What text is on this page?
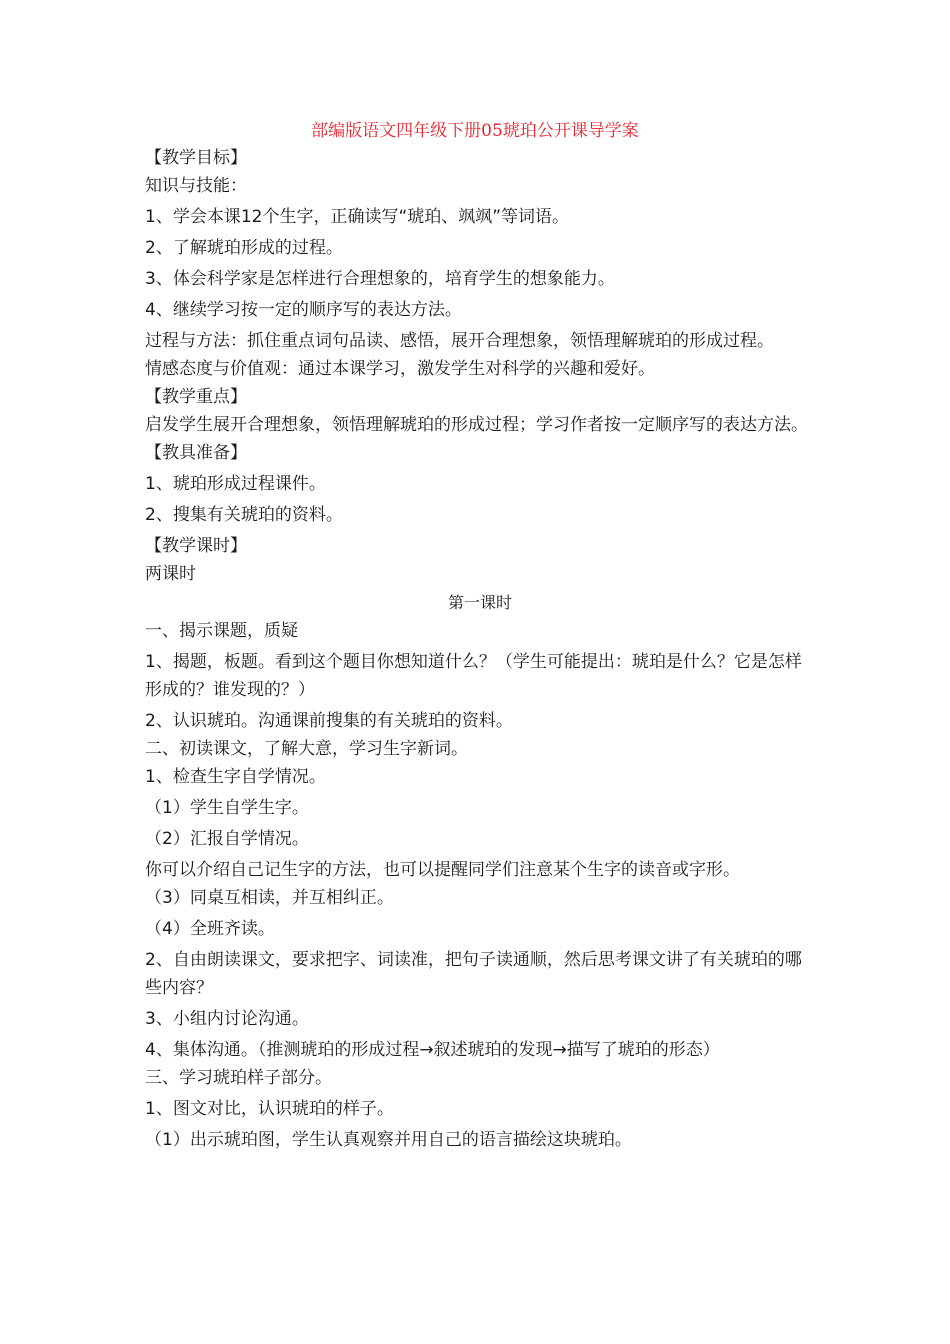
部编版语文四年级下册05琥珀公开课导学案

【教学目标】

知识与技能：

1、学会本课12个生字，正确读写“琥珀、飒飒”等词语。

2、了解琥珀形成的过程。

3、体会科学家是怎样进行合理想象的，培育学生的想象能力。

4、继续学习按一定的顺序写的表达方法。

过程与方法：抓住重点词句品读、感悟，展开合理想象，领悟理解琥珀的形成过程。

情感态度与价值观：通过本课学习，激发学生对科学的兴趣和爱好。

【教学重点】

启发学生展开合理想象，领悟理解琥珀的形成过程；学习作者按一定顺序写的表达方法。

【教具准备】

1、琥珀形成过程课件。

2、搜集有关琥珀的资料。

【教学课时】

两课时

第一课时

一、揭示课题，质疑

1、揭题，板题。看到这个题目你想知道什么？（学生可能提出：琥珀是什么？它是怎样形成的？谁发现的？）

2、认识琥珀。沟通课前搜集的有关琥珀的资料。

二、初读课文，了解大意，学习生字新词。

1、检查生字自学情况。

（1）学生自学生字。

（2）汇报自学情况。

你可以介绍自己记生字的方法，也可以提醒同学们注意某个生字的读音或字形。

（3）同桌互相读，并互相纠正。

（4）全班齐读。

2、自由朗读课文，要求把字、词读准，把句子读通顺，然后思考课文讲了有关琥珀的哪些内容？

3、小组内讨论沟通。

4、集体沟通。（推测琥珀的形成过程→叙述琥珀的发现→描写了琥珀的形态）

三、学习琥珀样子部分。

1、图文对比，认识琥珀的样子。

（1）出示琥珀图，学生认真观察并用自己的语言描绘这块琥珀。
